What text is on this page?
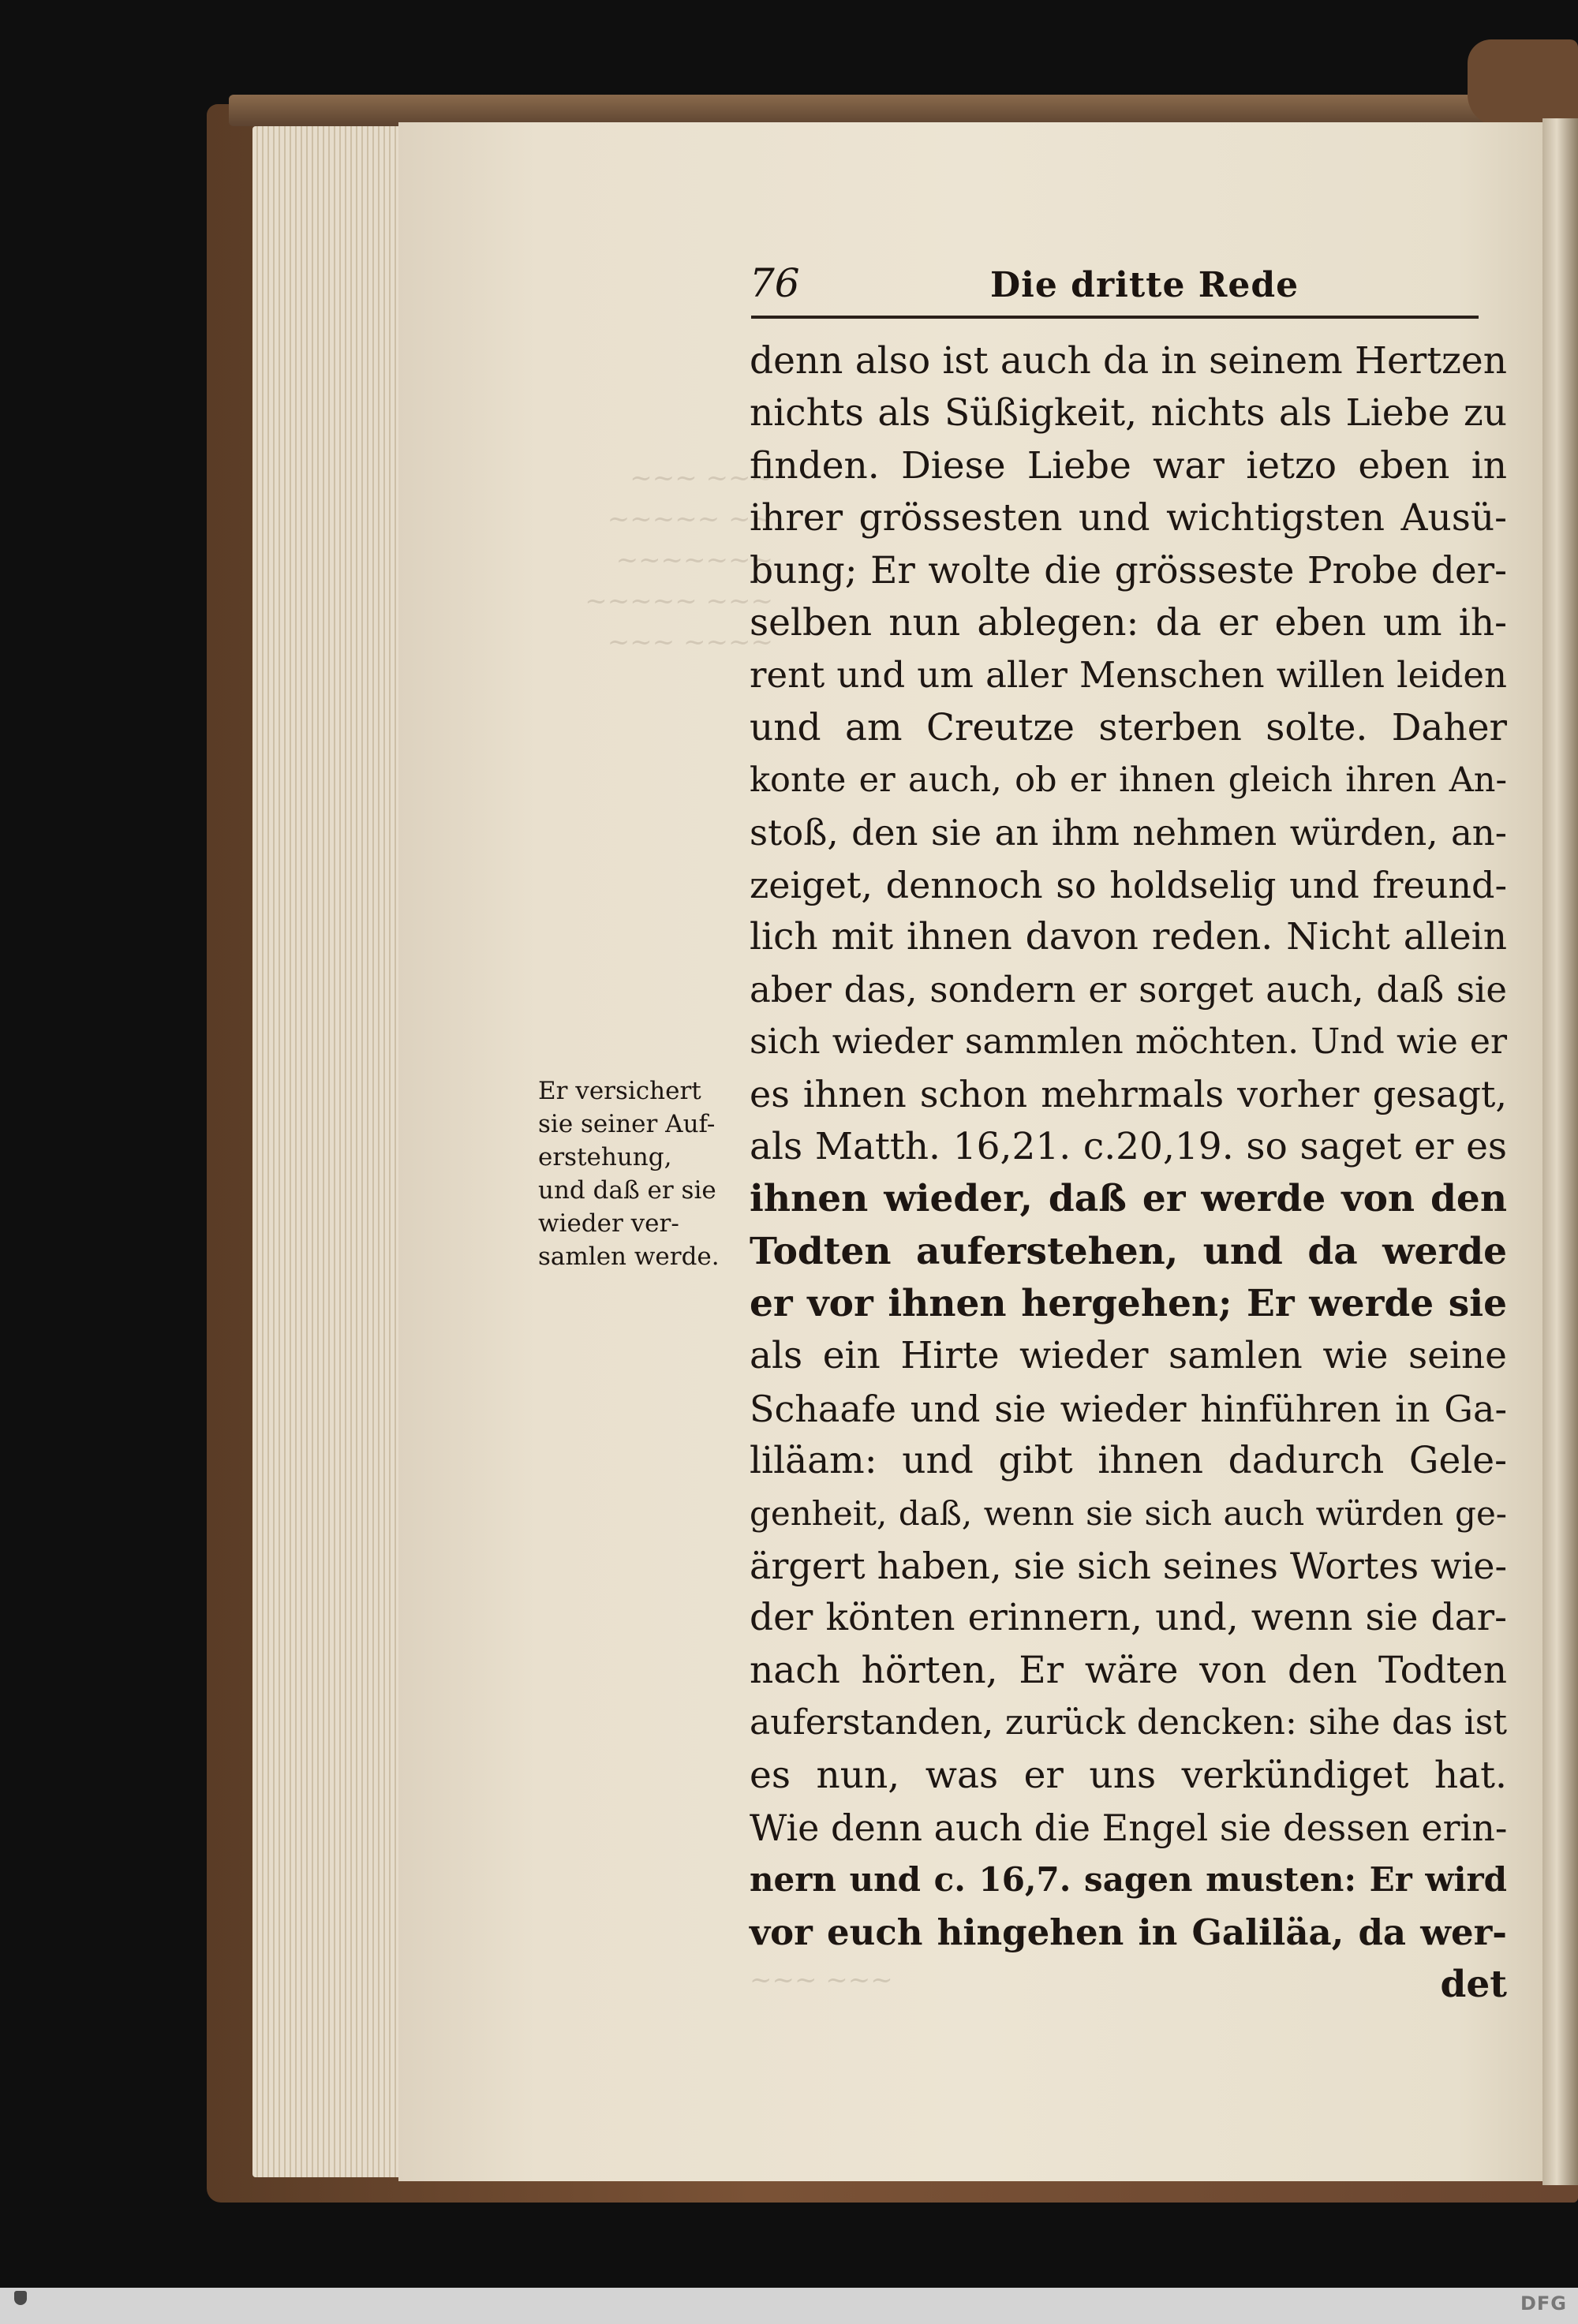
~~~ ~~~
~~~~~ ~~
~~~~~~~
~~~~~ ~~~
~~~ ~~~~
~~~ ~~~
76	Die dritte Rede
denn also ist auch da in seinem Hertzen
nichts als Süßigkeit, nichts als Liebe zu
finden. Diese Liebe war ietzo eben in
ihrer grössesten und wichtigsten Ausü-
bung; Er wolte die grösseste Probe der-
selben nun ablegen: da er eben um ih-
rent und um aller Menschen willen leiden
und am Creutze sterben solte. Daher
konte er auch, ob er ihnen gleich ihren An-
stoß, den sie an ihm nehmen würden, an-
zeiget, dennoch so holdselig und freund-
lich mit ihnen davon reden. Nicht allein
aber das, sondern er sorget auch, daß sie
sich wieder sammlen möchten. Und wie er
es ihnen schon mehrmals vorher gesagt,
als Matth. 16,21. c.20,19. so saget er es
ihnen wieder, daß er werde von den
Todten auferstehen, und da werde
er vor ihnen hergehen; Er werde sie
als ein Hirte wieder samlen wie seine
Schaafe und sie wieder hinführen in Ga-
liläam: und gibt ihnen dadurch Gele-
genheit, daß, wenn sie sich auch würden ge-
ärgert haben, sie sich seines Wortes wie-
der könten erinnern, und, wenn sie dar-
nach hörten, Er wäre von den Todten
auferstanden, zurück dencken: sihe das ist
es nun, was er uns verkündiget hat.
Wie denn auch die Engel sie dessen erin-
nern und c. 16,7. sagen musten: Er wird
vor euch hingehen in Galiläa, da wer-
det
Er versichert
sie seiner Auf-
erstehung,
und daß er sie
wieder ver-
samlen werde.
DFG
